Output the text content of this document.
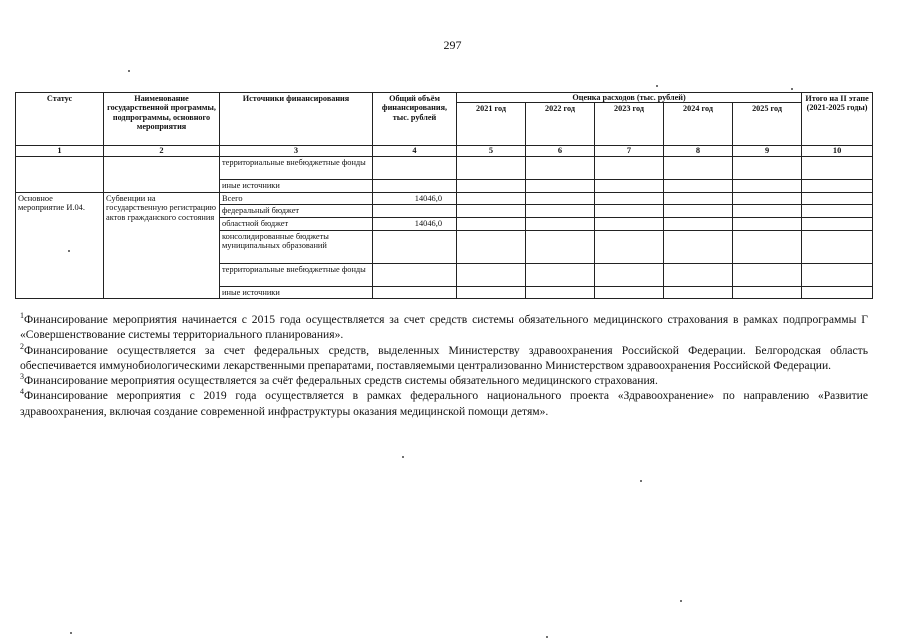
297
Статус	Наименование государственной программы, подпрограммы, основного мероприятия	Источники финансирования	Общий объём финансирования, тыс. рублей	Оценка расходов (тыс. рублей)					Итого на II этапе (2021-2025 годы)
				2021 год	2022 год	2023 год	2024 год	2025 год	
1	2	3	4	5	6	7	8	9	10
		территориальные внебюджетные фонды							
		иные источники							
Основное мероприятие И.04.	Субвенции на государственную регистрацию актов гражданского состояния	Всего	14046,0						
		федеральный бюджет							
		областной бюджет	14046,0						
		консолидированные бюджеты муниципальных образований							
		территориальные внебюджетные фонды							
		иные источники							

$^1$Финансирование мероприятия начинается с 2015 года осуществляется за счет средств системы обязательного медицинского страхования в рамках подпрограммы Г «Совершенствование системы территориального планирования».

$^2$Финансирование осуществляется за счет федеральных средств, выделенных Министерству здравоохранения Российской Федерации. Белгородская область обеспечивается иммунобиологическими лекарственными препаратами, поставляемыми централизованно Министерством здравоохранения Российской Федерации.

$^3$Финансирование мероприятия осуществляется за счёт федеральных средств системы обязательного медицинского страхования.

$^4$Финансирование мероприятия с 2019 года осуществляется в рамках федерального национального проекта «Здравоохранение» по направлению «Развитие здравоохранения, включая создание современной инфраструктуры оказания медицинской помощи детям».
